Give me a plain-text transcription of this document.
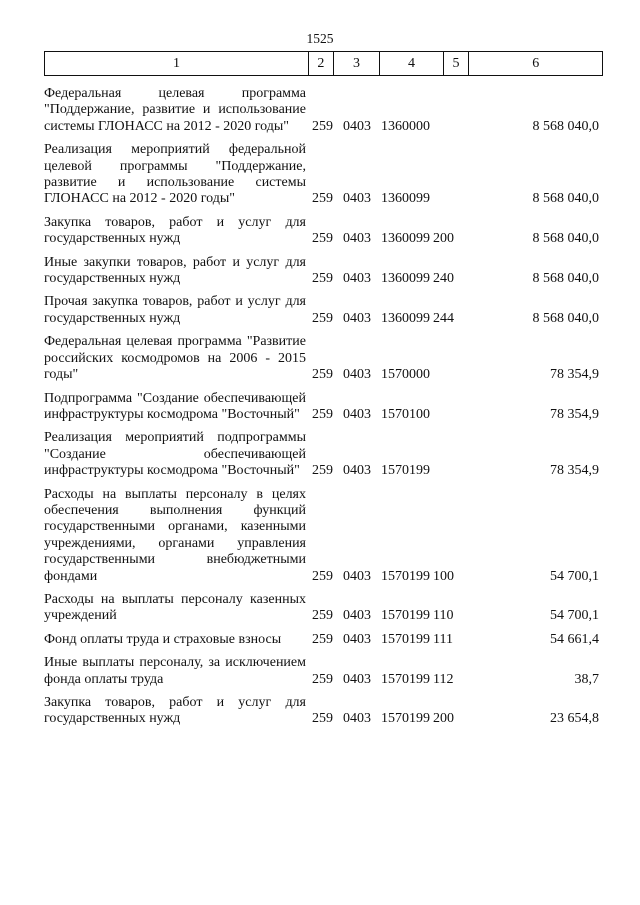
1525
1	2	3	4	5	6
Федеральная целевая программа "Поддержание, развитие и использование системы ГЛОНАСС на 2012 - 2020 годы"	259 0403 1360000	8 568 040,0
Реализация мероприятий федеральной целевой программы "Поддержание, развитие и использование системы ГЛОНАСС на 2012 - 2020 годы"	259 0403 1360099	8 568 040,0
Закупка товаров, работ и услуг для государственных нужд	259 0403 1360099 200	8 568 040,0
Иные закупки товаров, работ и услуг для государственных нужд	259 0403 1360099 240	8 568 040,0
Прочая закупка товаров, работ и услуг для государственных нужд	259 0403 1360099 244	8 568 040,0
Федеральная целевая программа "Развитие российских космодромов на 2006 - 2015 годы"	259 0403 1570000	78 354,9
Подпрограмма "Создание обеспечивающей инфраструктуры космодрома "Восточный" 259 0403 1570100	78 354,9
Реализация мероприятий подпрограммы "Создание обеспечивающей инфраструктуры космодрома "Восточный" 259 0403 1570199	78 354,9
Расходы на выплаты персоналу в целях обеспечения выполнения функций государственными органами, казенными учреждениями, органами управления государственными внебюджетными фондами	259 0403 1570199 100	54 700,1
Расходы на выплаты персоналу казенных учреждений	259 0403 1570199 110	54 700,1
Фонд оплаты труда и страховые взносы	259 0403 1570199 111	54 661,4
Иные выплаты персоналу, за исключением фонда оплаты труда	259 0403 1570199 112	38,7
Закупка товаров, работ и услуг для государственных нужд	259 0403 1570199 200	23 654,8
